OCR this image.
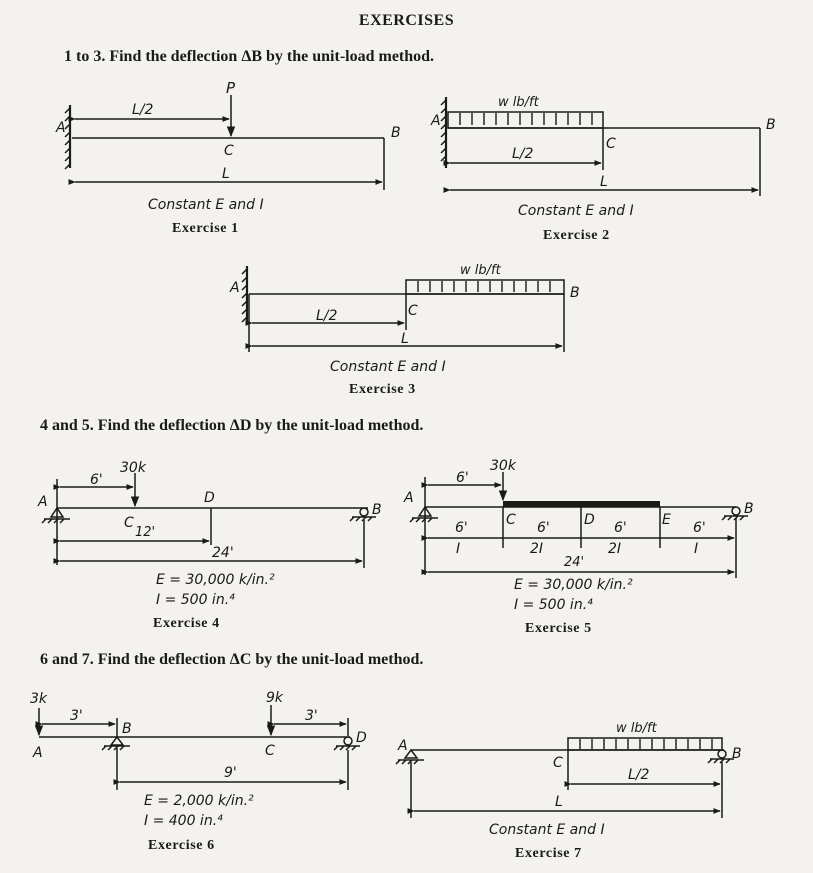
EXERCISES
1 to 3. Find the deflection ΔB by the unit-load method.
4 and 5. Find the deflection ΔD by the unit-load method.
6 and 7. Find the deflection ΔC by the unit-load method.
P
L/2
A
C
B
L
Constant E and I
Exercise 1
w lb/ft
A
C
B
L/2
L
Constant E and I
Exercise 2
w lb/ft
A
C
B
L/2
L
Constant E and I
Exercise 3
30k
6'
A
C
12'
D
B
24'
E = 30,000 k/in.²
I = 500 in.⁴
Exercise 4
30k
6'
A
C	D	E
B
6'
I
6'
2I
6'
2I
6'
I
24'
E = 30,000 k/in.²
I = 500 in.⁴
Exercise 5
3k	9k
3'	3'
A
B
C
D
9'
E = 2,000 k/in.²
I = 400 in.⁴
Exercise 6
w lb/ft
A
C
B
L/2
L
Constant E and I
Exercise 7
